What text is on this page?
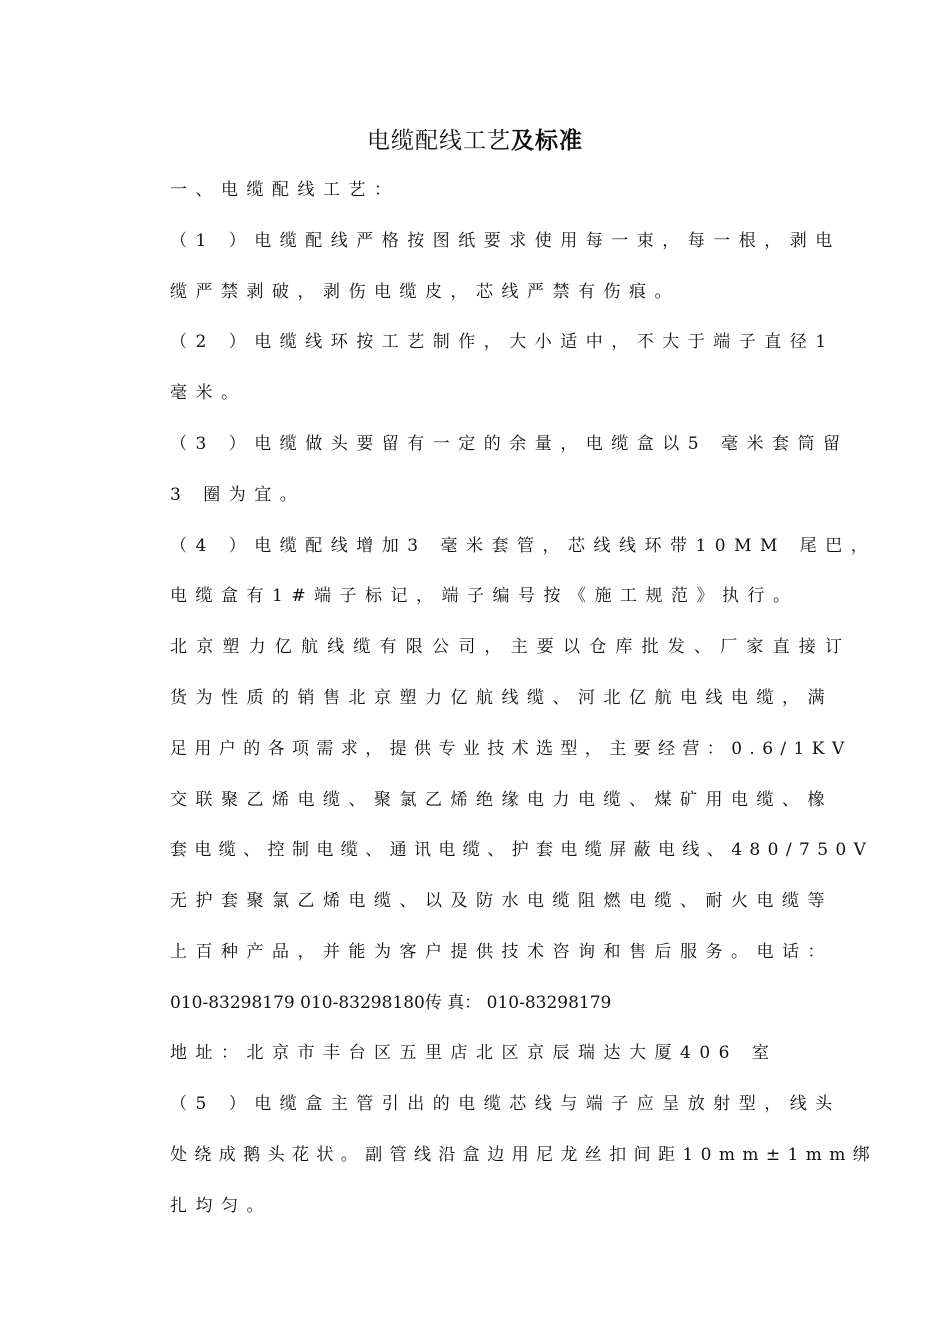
电缆配线工艺及标准
一、电缆配线工艺：
（1 ）电缆配线严格按图纸要求使用每一束，每一根，剥电
缆严禁剥破，剥伤电缆皮，芯线严禁有伤痕。
（2 ）电缆线环按工艺制作，大小适中，不大于端子直径1
毫米。
（3 ）电缆做头要留有一定的余量，电缆盒以5 毫米套筒留
3 圈为宜。
（4 ）电缆配线增加3 毫米套管，芯线线环带10MM 尾巴，
电缆盒有1#端子标记，端子编号按《施工规范》执行。
北京塑力亿航线缆有限公司，主要以仓库批发、厂家直接订
货为性质的销售北京塑力亿航线缆、河北亿航电线电缆，满
足用户的各项需求，提供专业技术选型，主要经营：0.6/1KV
交联聚乙烯电缆、聚氯乙烯绝缘电力电缆、煤矿用电缆、橡
套电缆、控制电缆、通讯电缆、护套电缆屏蔽电线、480/750V
无护套聚氯乙烯电缆、以及防水电缆阻燃电缆、耐火电缆等
上百种产品，并能为客户提供技术咨询和售后服务。电话：
010-83298179 010-83298180传 真： 010-83298179
地址：北京市丰台区五里店北区京辰瑞达大厦406 室
（5 ）电缆盒主管引出的电缆芯线与端子应呈放射型，线头
处绕成鹅头花状。副管线沿盒边用尼龙丝扣间距10mm±1mm绑
扎均匀。
